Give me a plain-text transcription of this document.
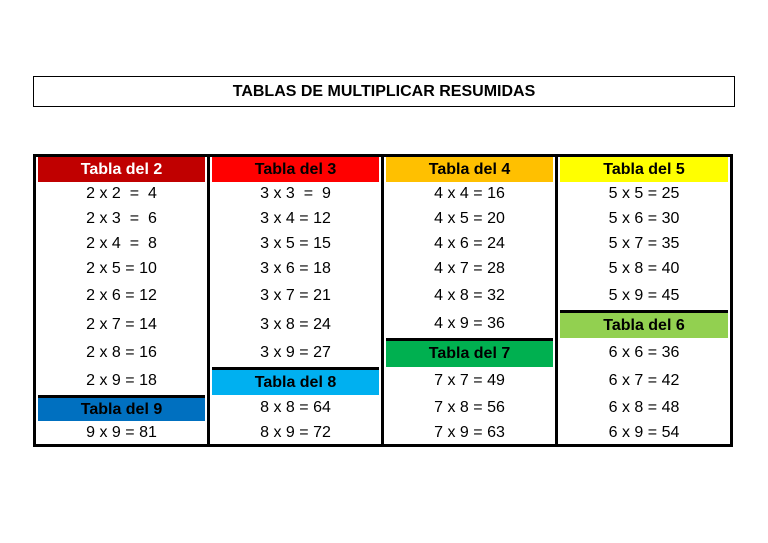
TABLAS DE MULTIPLICAR RESUMIDAS
Tabla del 2
2 x 2  =  4
2 x 3  =  6
2 x 4  =  8
2 x 5 = 10
2 x 6 = 12
2 x 7 = 14
2 x 8 = 16
2 x 9 = 18
Tabla del 9
9 x 9 = 81
Tabla del 3
3 x 3  =  9
3 x 4 = 12
3 x 5 = 15
3 x 6 = 18
3 x 7 = 21
3 x 8 = 24
3 x 9 = 27
Tabla del 8
8 x 8 = 64
8 x 9 = 72
Tabla del 4
4 x 4 = 16
4 x 5 = 20
4 x 6 = 24
4 x 7 = 28
4 x 8 = 32
4 x 9 = 36
Tabla del 7
7 x 7 = 49
7 x 8 = 56
7 x 9 = 63
Tabla del 5
5 x 5 = 25
5 x 6 = 30
5 x 7 = 35
5 x 8 = 40
5 x 9 = 45
Tabla del 6
6 x 6 = 36
6 x 7 = 42
6 x 8 = 48
6 x 9 = 54
